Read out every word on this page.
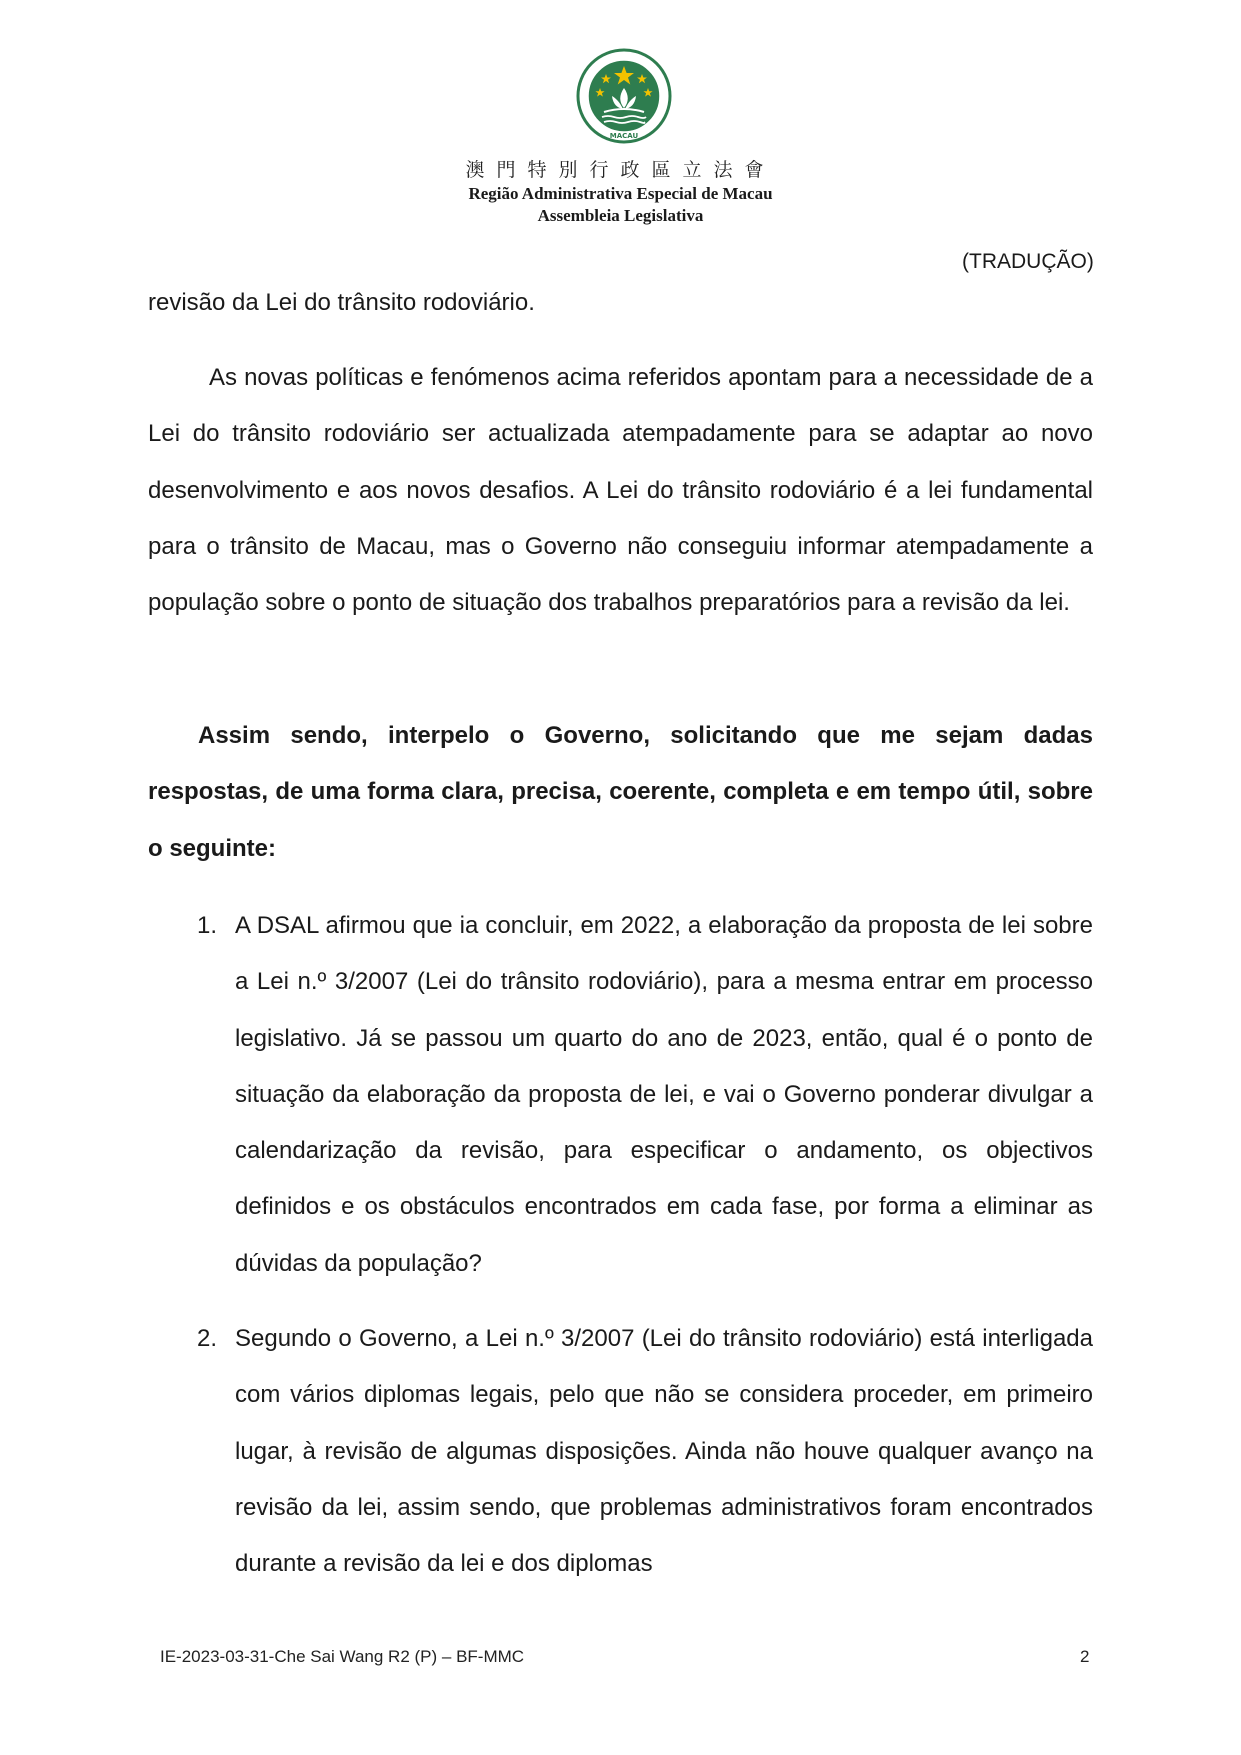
MACAU
澳門特別行政區立法會
Região Administrativa Especial de Macau
Assembleia Legislativa
(TRADUÇÃO)

revisão da Lei do trânsito rodoviário.

As novas políticas e fenómenos acima referidos apontam para a necessidade de a Lei do trânsito rodoviário ser actualizada atempadamente para se adaptar ao novo desenvolvimento e aos novos desafios. A Lei do trânsito rodoviário é a lei fundamental para o trânsito de Macau, mas o Governo não conseguiu informar atempadamente a população sobre o ponto de situação dos trabalhos preparatórios para a revisão da lei.

Assim sendo, interpelo o Governo, solicitando que me sejam dadas respostas, de uma forma clara, precisa, coerente, completa e em tempo útil, sobre o seguinte:

1. A DSAL afirmou que ia concluir, em 2022, a elaboração da proposta de lei sobre a Lei n.º 3/2007 (Lei do trânsito rodoviário), para a mesma entrar em processo legislativo. Já se passou um quarto do ano de 2023, então, qual é o ponto de situação da elaboração da proposta de lei, e vai o Governo ponderar divulgar a calendarização da revisão, para especificar o andamento, os objectivos definidos e os obstáculos encontrados em cada fase, por forma a eliminar as dúvidas da população?

2. Segundo o Governo, a Lei n.º 3/2007 (Lei do trânsito rodoviário) está interligada com vários diplomas legais, pelo que não se considera proceder, em primeiro lugar, à revisão de algumas disposições. Ainda não houve qualquer avanço na revisão da lei, assim sendo, que problemas administrativos foram encontrados durante a revisão da lei e dos diplomas

IE-2023-03-31-Che Sai Wang R2 (P) – BF-MMC	2
